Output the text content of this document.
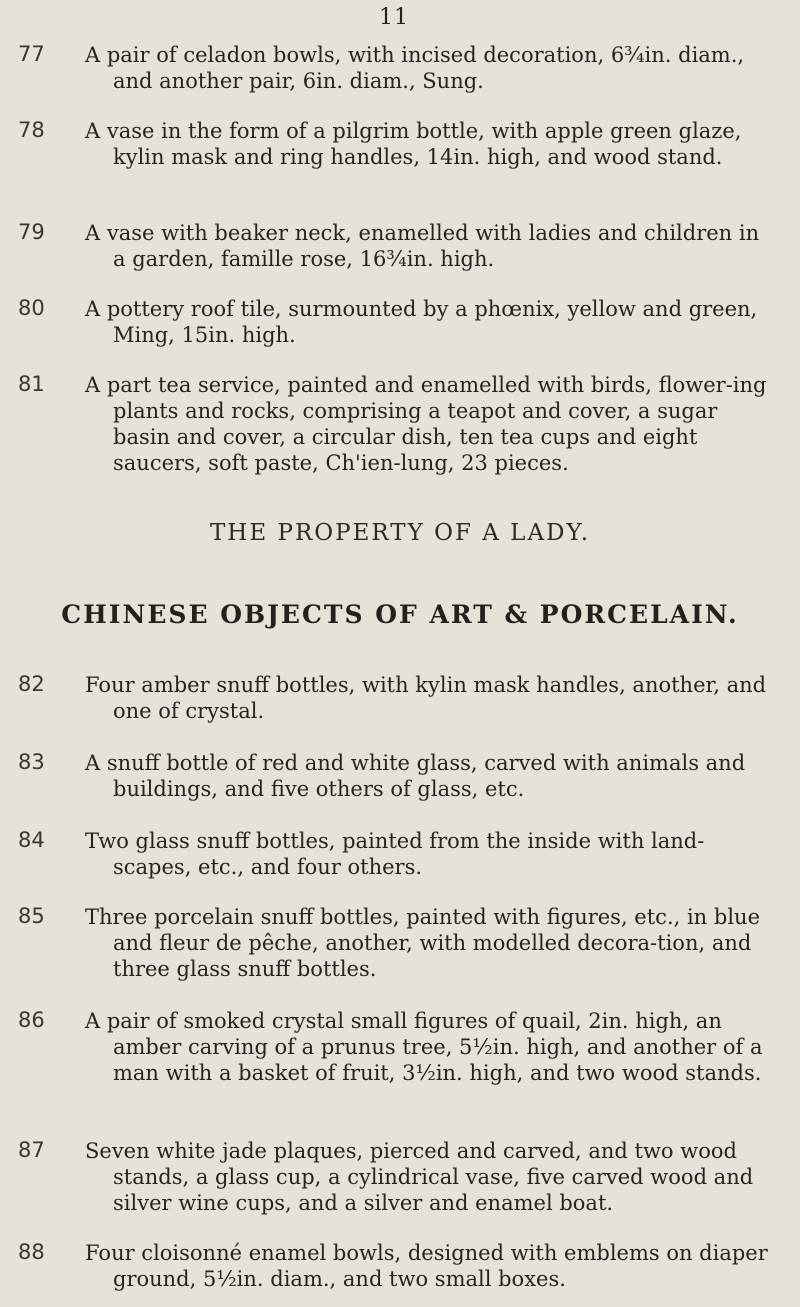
11
77 A pair of celadon bowls, with incised decoration, 6¾in. diam., and another pair, 6in. diam., Sung.
78 A vase in the form of a pilgrim bottle, with apple green glaze, kylin mask and ring handles, 14in. high, and wood stand.
79 A vase with beaker neck, enamelled with ladies and children in a garden, famille rose, 16¾in. high.
80 A pottery roof tile, surmounted by a phœnix, yellow and green, Ming, 15in. high.
81 A part tea service, painted and enamelled with birds, flower-ing plants and rocks, comprising a teapot and cover, a sugar basin and cover, a circular dish, ten tea cups and eight saucers, soft paste, Ch'ien-lung, 23 pieces.
THE PROPERTY OF A LADY.
CHINESE OBJECTS OF ART & PORCELAIN.
82 Four amber snuff bottles, with kylin mask handles, another, and one of crystal.
83 A snuff bottle of red and white glass, carved with animals and buildings, and five others of glass, etc.
84 Two glass snuff bottles, painted from the inside with land-scapes, etc., and four others.
85 Three porcelain snuff bottles, painted with figures, etc., in blue and fleur de pêche, another, with modelled decora-tion, and three glass snuff bottles.
86 A pair of smoked crystal small figures of quail, 2in. high, an amber carving of a prunus tree, 5½in. high, and another of a man with a basket of fruit, 3½in. high, and two wood stands.
87 Seven white jade plaques, pierced and carved, and two wood stands, a glass cup, a cylindrical vase, five carved wood and silver wine cups, and a silver and enamel boat.
88 Four cloisonné enamel bowls, designed with emblems on diaper ground, 5½in. diam., and two small boxes.
